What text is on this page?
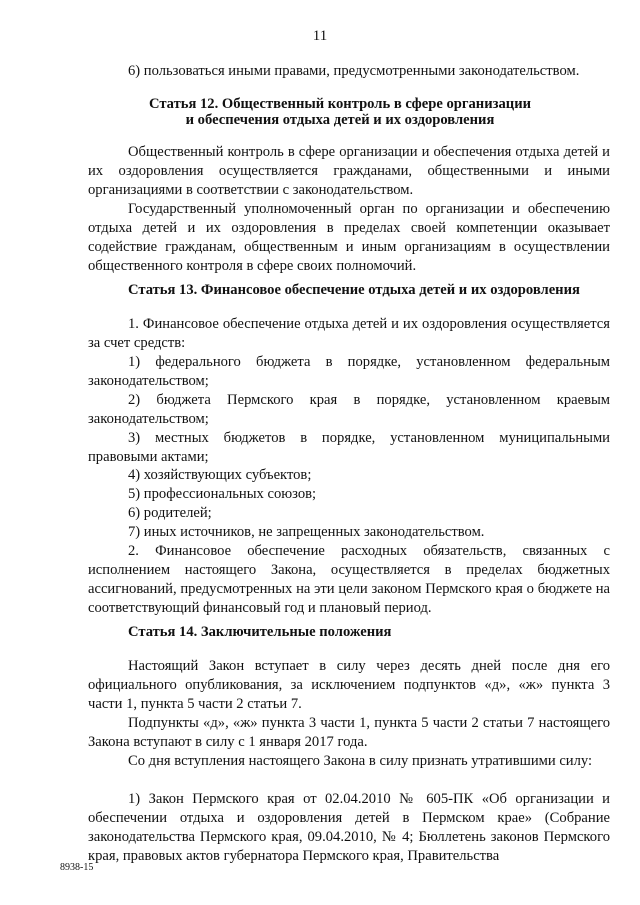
11

6) пользоваться иными правами, предусмотренными законодательством.

Статья 12. Общественный контроль в сфере организации

и обеспечения отдыха детей и их оздоровления

Общественный контроль в сфере организации и обеспечения отдыха детей и их оздоровления осуществляется гражданами, общественными и иными организациями в соответствии с законодательством.

Государственный уполномоченный орган по организации и обеспечению отдыха детей и их оздоровления в пределах своей компетенции оказывает содействие гражданам, общественным и иным организациям в осуществлении общественного контроля в сфере своих полномочий.

Статья 13. Финансовое обеспечение отдыха детей и их оздоровления

1. Финансовое обеспечение отдыха детей и их оздоровления осуществляется за счет средств:

1) федерального бюджета в порядке, установленном федеральным законодательством;

2) бюджета Пермского края в порядке, установленном краевым законодательством;

3) местных бюджетов в порядке, установленном муниципальными правовыми актами;

4) хозяйствующих субъектов;

5) профессиональных союзов;

6) родителей;

7) иных источников, не запрещенных законодательством.

2. Финансовое обеспечение расходных обязательств, связанных с исполнением настоящего Закона, осуществляется в пределах бюджетных ассигнований, предусмотренных на эти цели законом Пермского края о бюджете на соответствующий финансовый год и плановый период.

Статья 14. Заключительные положения

Настоящий Закон вступает в силу через десять дней после дня его официального опубликования, за исключением подпунктов «д», «ж» пункта 3 части 1, пункта 5 части 2 статьи 7.

Подпункты «д», «ж» пункта 3 части 1, пункта 5 части 2 статьи 7 настоящего Закона вступают в силу с 1 января 2017 года.

Со дня вступления настоящего Закона в силу признать утратившими силу:

1) Закон Пермского края от 02.04.2010 № 605-ПК «Об организации и обеспечении отдыха и оздоровления детей в Пермском крае» (Собрание законодательства Пермского края, 09.04.2010, № 4; Бюллетень законов Пермского края, правовых актов губернатора Пермского края, Правительства

8938-15
